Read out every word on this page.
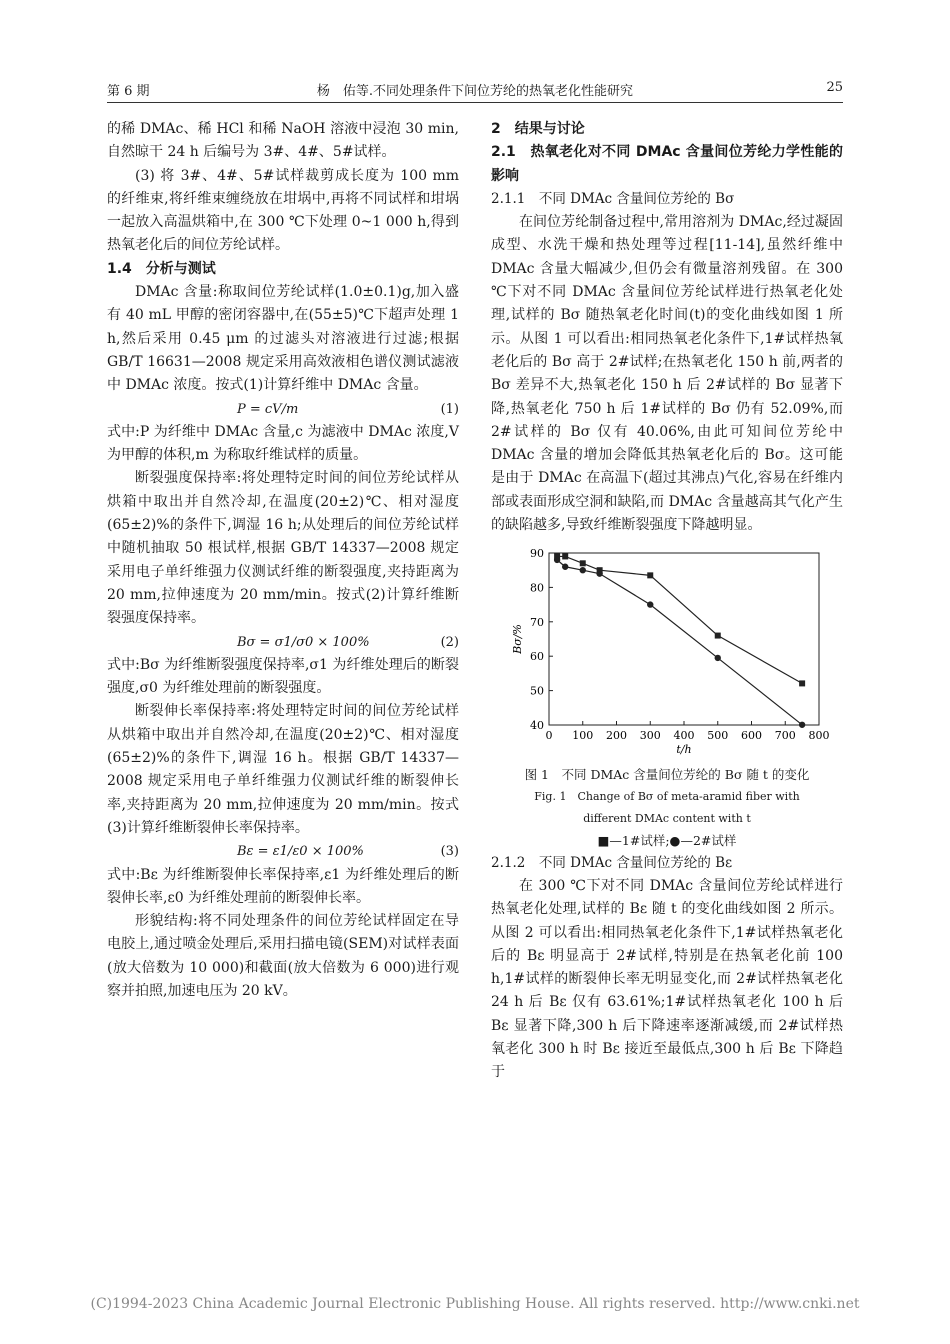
第 6 期	杨　佑等.不同处理条件下间位芳纶的热氧老化性能研究	25

的稀 DMAc、稀 HCl 和稀 NaOH 溶液中浸泡 30 min,自然晾干 24 h 后编号为 3#、4#、5#试样。

(3) 将 3#、4#、5#试样裁剪成长度为 100 mm 的纤维束,将纤维束缠绕放在坩埚中,再将不同试样和坩埚一起放入高温烘箱中,在 300 ℃下处理 0~1 000 h,得到热氧老化后的间位芳纶试样。

1.4　分析与测试

DMAc 含量:称取间位芳纶试样(1.0±0.1)g,加入盛有 40 mL 甲醇的密闭容器中,在(55±5)℃下超声处理 1 h,然后采用 0.45 μm 的过滤头对溶液进行过滤;根据 GB/T 16631—2008 规定采用高效液相色谱仪测试滤液中 DMAc 浓度。按式(1)计算纤维中 DMAc 含量。

P = cV/m	(1)

式中:P 为纤维中 DMAc 含量,c 为滤液中 DMAc 浓度,V 为甲醇的体积,m 为称取纤维试样的质量。

断裂强度保持率:将处理特定时间的间位芳纶试样从烘箱中取出并自然冷却,在温度(20±2)℃、相对湿度(65±2)%的条件下,调湿 16 h;从处理后的间位芳纶试样中随机抽取 50 根试样,根据 GB/T 14337—2008 规定采用电子单纤维强力仪测试纤维的断裂强度,夹持距离为 20 mm,拉伸速度为 20 mm/min。按式(2)计算纤维断裂强度保持率。

Bσ = σ1/σ0 × 100%	(2)

式中:Bσ 为纤维断裂强度保持率,σ1 为纤维处理后的断裂强度,σ0 为纤维处理前的断裂强度。

断裂伸长率保持率:将处理特定时间的间位芳纶试样从烘箱中取出并自然冷却,在温度(20±2)℃、相对湿度(65±2)%的条件下,调湿 16 h。根据 GB/T 14337—2008 规定采用电子单纤维强力仪测试纤维的断裂伸长率,夹持距离为 20 mm,拉伸速度为 20 mm/min。按式(3)计算纤维断裂伸长率保持率。

Bε = ε1/ε0 × 100%	(3)

式中:Bε 为纤维断裂伸长率保持率,ε1 为纤维处理后的断裂伸长率,ε0 为纤维处理前的断裂伸长率。

形貌结构:将不同处理条件的间位芳纶试样固定在导电胶上,通过喷金处理后,采用扫描电镜(SEM)对试样表面(放大倍数为 10 000)和截面(放大倍数为 6 000)进行观察并拍照,加速电压为 20 kV。

2　结果与讨论

2.1　热氧老化对不同 DMAc 含量间位芳纶力学性能的影响

2.1.1　不同 DMAc 含量间位芳纶的 Bσ

在间位芳纶制备过程中,常用溶剂为 DMAc,经过凝固成型、水洗干燥和热处理等过程[11-14],虽然纤维中 DMAc 含量大幅减少,但仍会有微量溶剂残留。在 300 ℃下对不同 DMAc 含量间位芳纶试样进行热氧老化处理,试样的 Bσ 随热氧老化时间(t)的变化曲线如图 1 所示。从图 1 可以看出:相同热氧老化条件下,1#试样热氧老化后的 Bσ 高于 2#试样;在热氧老化 150 h 前,两者的 Bσ 差异不大,热氧老化 150 h 后 2#试样的 Bσ 显著下降,热氧老化 750 h 后 1#试样的 Bσ 仍有 52.09%,而 2#试样的 Bσ 仅有 40.06%,由此可知间位芳纶中 DMAc 含量的增加会降低其热氧老化后的 Bσ。这可能是由于 DMAc 在高温下(超过其沸点)气化,容易在纤维内部或表面形成空洞和缺陷,而 DMAc 含量越高其气化产生的缺陷越多,导致纤维断裂强度下降越明显。

0 100 200 300 400 500 600 700 800
40
50
60
70
80
90
t/h
Bσ/%
图 1　不同 DMAc 含量间位芳纶的 Bσ 随 t 的变化
Fig. 1　Change of Bσ of meta-aramid fiber with
different DMAc content with t
■—1#试样;●—2#试样

2.1.2　不同 DMAc 含量间位芳纶的 Bε

在 300 ℃下对不同 DMAc 含量间位芳纶试样进行热氧老化处理,试样的 Bε 随 t 的变化曲线如图 2 所示。从图 2 可以看出:相同热氧老化条件下,1#试样热氧老化后的 Bε 明显高于 2#试样,特别是在热氧老化前 100 h,1#试样的断裂伸长率无明显变化,而 2#试样热氧老化 24 h 后 Bε 仅有 63.61%;1#试样热氧老化 100 h 后 Bε 显著下降,300 h 后下降速率逐渐减缓,而 2#试样热氧老化 300 h 时 Bε 接近至最低点,300 h 后 Bε 下降趋于

(C)1994-2023 China Academic Journal Electronic Publishing House. All rights reserved. http://www.cnki.net
